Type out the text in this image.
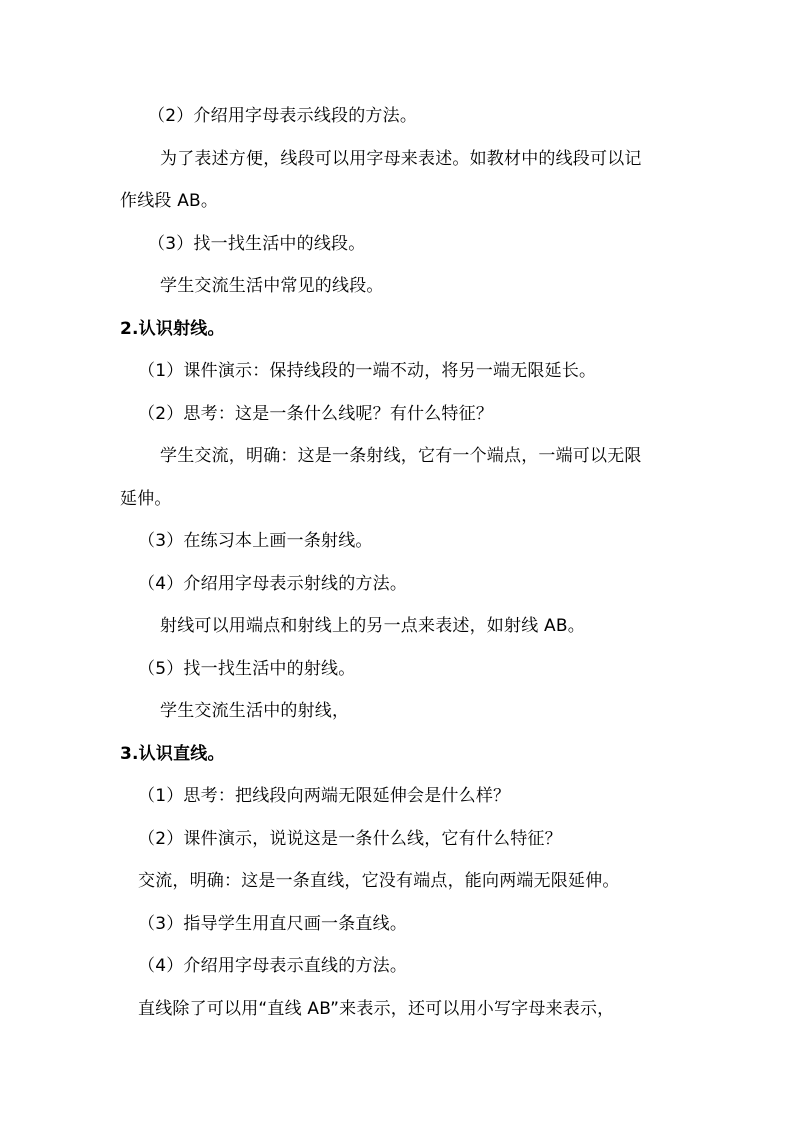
（2）介绍用字母表示线段的方法。
为了表述方便，线段可以用字母来表述。如教材中的线段可以记
作线段 AB。
（3）找一找生活中的线段。
学生交流生活中常见的线段。
2.认识射线。
（1）课件演示：保持线段的一端不动，将另一端无限延长。
（2）思考：这是一条什么线呢？有什么特征？
学生交流，明确：这是一条射线，它有一个端点，一端可以无限
延伸。
（3）在练习本上画一条射线。
（4）介绍用字母表示射线的方法。
射线可以用端点和射线上的另一点来表述，如射线 AB。
（5）找一找生活中的射线。
学生交流生活中的射线，
3.认识直线。
（1）思考：把线段向两端无限延伸会是什么样？
（2）课件演示，说说这是一条什么线，它有什么特征？
交流，明确：这是一条直线，它没有端点，能向两端无限延伸。
（3）指导学生用直尺画一条直线。
（4）介绍用字母表示直线的方法。
直线除了可以用“直线 AB”来表示，还可以用小写字母来表示，
